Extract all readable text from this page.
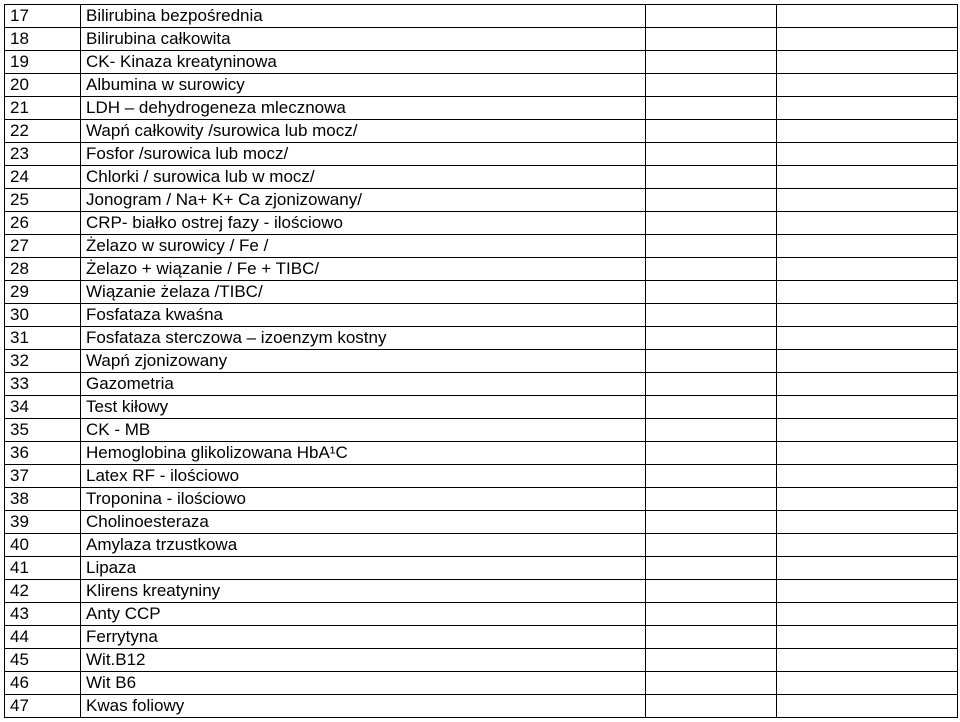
17	Bilirubina bezpośrednia		
18	Bilirubina całkowita		
19	CK- Kinaza kreatyninowa		
20	Albumina w surowicy		
21	LDH – dehydrogeneza mlecznowa		
22	Wapń całkowity /surowica lub mocz/		
23	Fosfor /surowica lub mocz/		
24	Chlorki / surowica lub w mocz/		
25	Jonogram / Na+ K+ Ca zjonizowany/		
26	CRP- białko ostrej fazy - ilościowo		
27	Żelazo w surowicy / Fe /		
28	Żelazo + wiązanie / Fe + TIBC/		
29	Wiązanie żelaza /TIBC/		
30	Fosfataza kwaśna		
31	Fosfataza sterczowa – izoenzym kostny		
32	Wapń zjonizowany		
33	Gazometria		
34	Test kiłowy		
35	CK - MB		
36	Hemoglobina glikolizowana HbA¹C		
37	Latex RF - ilościowo		
38	Troponina - ilościowo		
39	Cholinoesteraza		
40	Amylaza trzustkowa		
41	Lipaza		
42	Klirens kreatyniny		
43	Anty CCP		
44	Ferrytyna		
45	Wit.B12		
46	Wit B6		
47	Kwas foliowy		
